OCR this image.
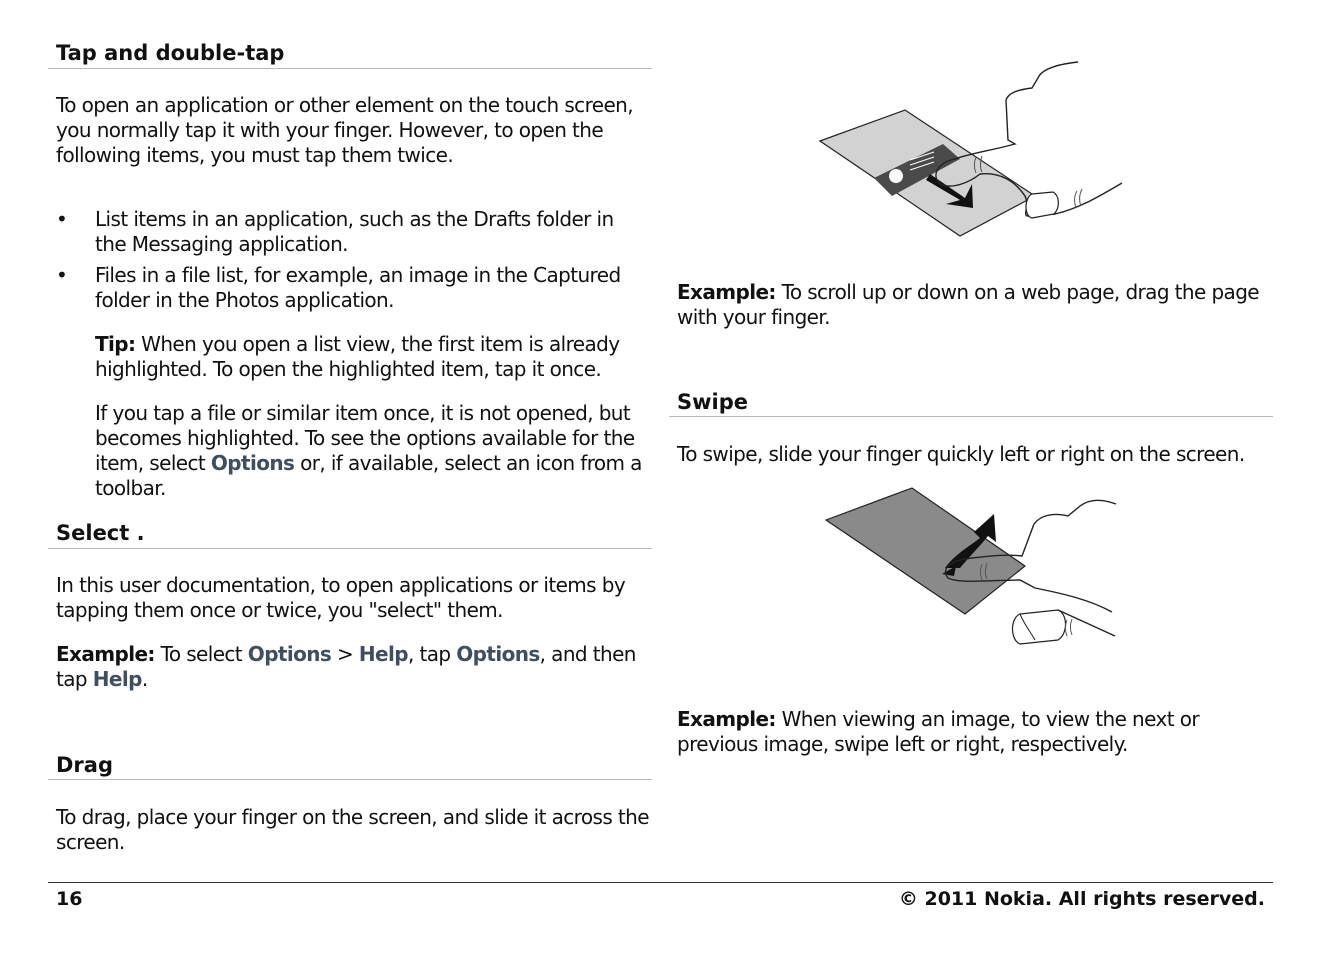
Tap and double-tap

To open an application or other element on the touch screen, you normally tap it with your finger. However, to open the following items, you must tap them twice.

• List items in an application, such as the Drafts folder in the Messaging application.
• Files in a file list, for example, an image in the Captured folder in the Photos application.

Tip: When you open a list view, the first item is already highlighted. To open the highlighted item, tap it once.

If you tap a file or similar item once, it is not opened, but becomes highlighted. To see the options available for the item, select Options or, if available, select an icon from a toolbar.

Select .

In this user documentation, to open applications or items by tapping them once or twice, you "select" them.

Example: To select Options > Help, tap Options, and then tap Help.

Drag

To drag, place your finger on the screen, and slide it across the screen.

Example: To scroll up or down on a web page, drag the page with your finger.

Swipe

To swipe, slide your finger quickly left or right on the screen.

Example: When viewing an image, to view the next or previous image, swipe left or right, respectively.

16	© 2011 Nokia. All rights reserved.
